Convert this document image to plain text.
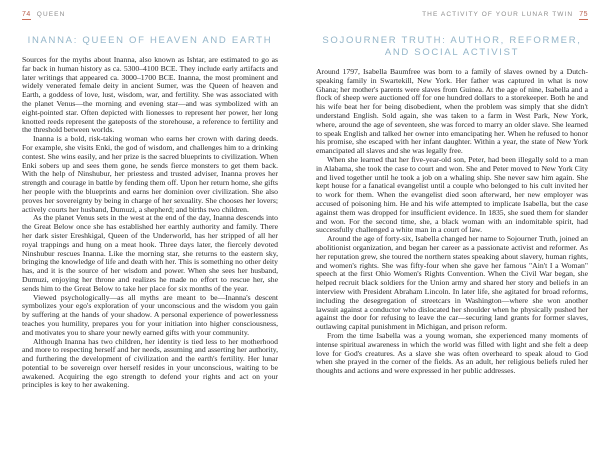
74 QUEEN
INANNA: QUEEN OF HEAVEN AND EARTH

Sources for the myths about Inanna, also known as Ishtar, are estimated to go as far back in human history as ca. 5300–4100 BCE. They include early artifacts and later writings that appeared ca. 3000–1700 BCE. Inanna, the most prominent and widely venerated female deity in ancient Sumer, was the Queen of heaven and Earth, a goddess of love, lust, wisdom, war, and fertility. She was associated with the planet Venus—the morning and evening star—and was symbolized with an eight-pointed star. Often depicted with lionesses to represent her power, her long knotted reeds represent the gateposts of the storehouse, a reference to fertility and the threshold between worlds.

Inanna is a bold, risk-taking woman who earns her crown with daring deeds. For example, she visits Enki, the god of wisdom, and challenges him to a drinking contest. She wins easily, and her prize is the sacred blueprints to civilization. When Enki sobers up and sees them gone, he sends fierce monsters to get them back. With the help of Ninshubur, her priestess and trusted adviser, Inanna proves her strength and courage in battle by fending them off. Upon her return home, she gifts her people with the blueprints and earns her dominion over civilization. She also proves her sovereignty by being in charge of her sexuality. She chooses her lovers; actively courts her husband, Dumuzi, a shepherd; and births two children.

As the planet Venus sets in the west at the end of the day, Inanna descends into the Great Below once she has established her earthly authority and family. There her dark sister Ereshkigal, Queen of the Underworld, has her stripped of all her royal trappings and hung on a meat hook. Three days later, the fiercely devoted Ninshubur rescues Inanna. Like the morning star, she returns to the eastern sky, bringing the knowledge of life and death with her. This is something no other deity has, and it is the source of her wisdom and power. When she sees her husband, Dumuzi, enjoying her throne and realizes he made no effort to rescue her, she sends him to the Great Below to take her place for six months of the year.

Viewed psychologically—as all myths are meant to be—Inanna's descent symbolizes your ego's exploration of your unconscious and the wisdom you gain by suffering at the hands of your shadow. A personal experience of powerlessness teaches you humility, prepares you for your initiation into higher consciousness, and motivates you to share your newly earned gifts with your community.

Although Inanna has two children, her identity is tied less to her motherhood and more to respecting herself and her needs, assuming and asserting her authority, and furthering the development of civilization and the earth's fertility. Her lunar potential to be sovereign over herself resides in your unconscious, waiting to be awakened. Acquiring the ego strength to defend your rights and act on your principles is key to her awakening.

THE ACTIVITY OF YOUR LUNAR TWIN 75
SOJOURNER TRUTH: AUTHOR, REFORMER,
AND SOCIAL ACTIVIST

Around 1797, Isabella Baumfree was born to a family of slaves owned by a Dutch-speaking family in Swartekill, New York. Her father was captured in what is now Ghana; her mother's parents were slaves from Guinea. At the age of nine, Isabella and a flock of sheep were auctioned off for one hundred dollars to a storekeeper. Both he and his wife beat her for being disobedient, when the problem was simply that she didn't understand English. Sold again, she was taken to a farm in West Park, New York, where, around the age of seventeen, she was forced to marry an older slave. She learned to speak English and talked her owner into emancipating her. When he refused to honor his promise, she escaped with her infant daughter. Within a year, the state of New York emancipated all slaves and she was legally free.

When she learned that her five-year-old son, Peter, had been illegally sold to a man in Alabama, she took the case to court and won. She and Peter moved to New York City and lived together until he took a job on a whaling ship. She never saw him again. She kept house for a fanatical evangelist until a couple who belonged to his cult invited her to work for them. When the evangelist died soon afterward, her new employer was accused of poisoning him. He and his wife attempted to implicate Isabella, but the case against them was dropped for insufficient evidence. In 1835, she sued them for slander and won. For the second time, she, a black woman with an indomitable spirit, had successfully challenged a white man in a court of law.

Around the age of forty-six, Isabella changed her name to Sojourner Truth, joined an abolitionist organization, and began her career as a passionate activist and reformer. As her reputation grew, she toured the northern states speaking about slavery, human rights, and women's rights. She was fifty-four when she gave her famous "Ain't I a Woman" speech at the first Ohio Women's Rights Convention. When the Civil War began, she helped recruit black soldiers for the Union army and shared her story and beliefs in an interview with President Abraham Lincoln. In later life, she agitated for broad reforms, including the desegregation of streetcars in Washington—where she won another lawsuit against a conductor who dislocated her shoulder when he physically pushed her against the door for refusing to leave the car—securing land grants for former slaves, outlawing capital punishment in Michigan, and prison reform.

From the time Isabella was a young woman, she experienced many moments of intense spiritual awareness in which the world was filled with light and she felt a deep love for God's creatures. As a slave she was often overheard to speak aloud to God when she prayed in the corner of the fields. As an adult, her religious beliefs ruled her thoughts and actions and were expressed in her public addresses.
